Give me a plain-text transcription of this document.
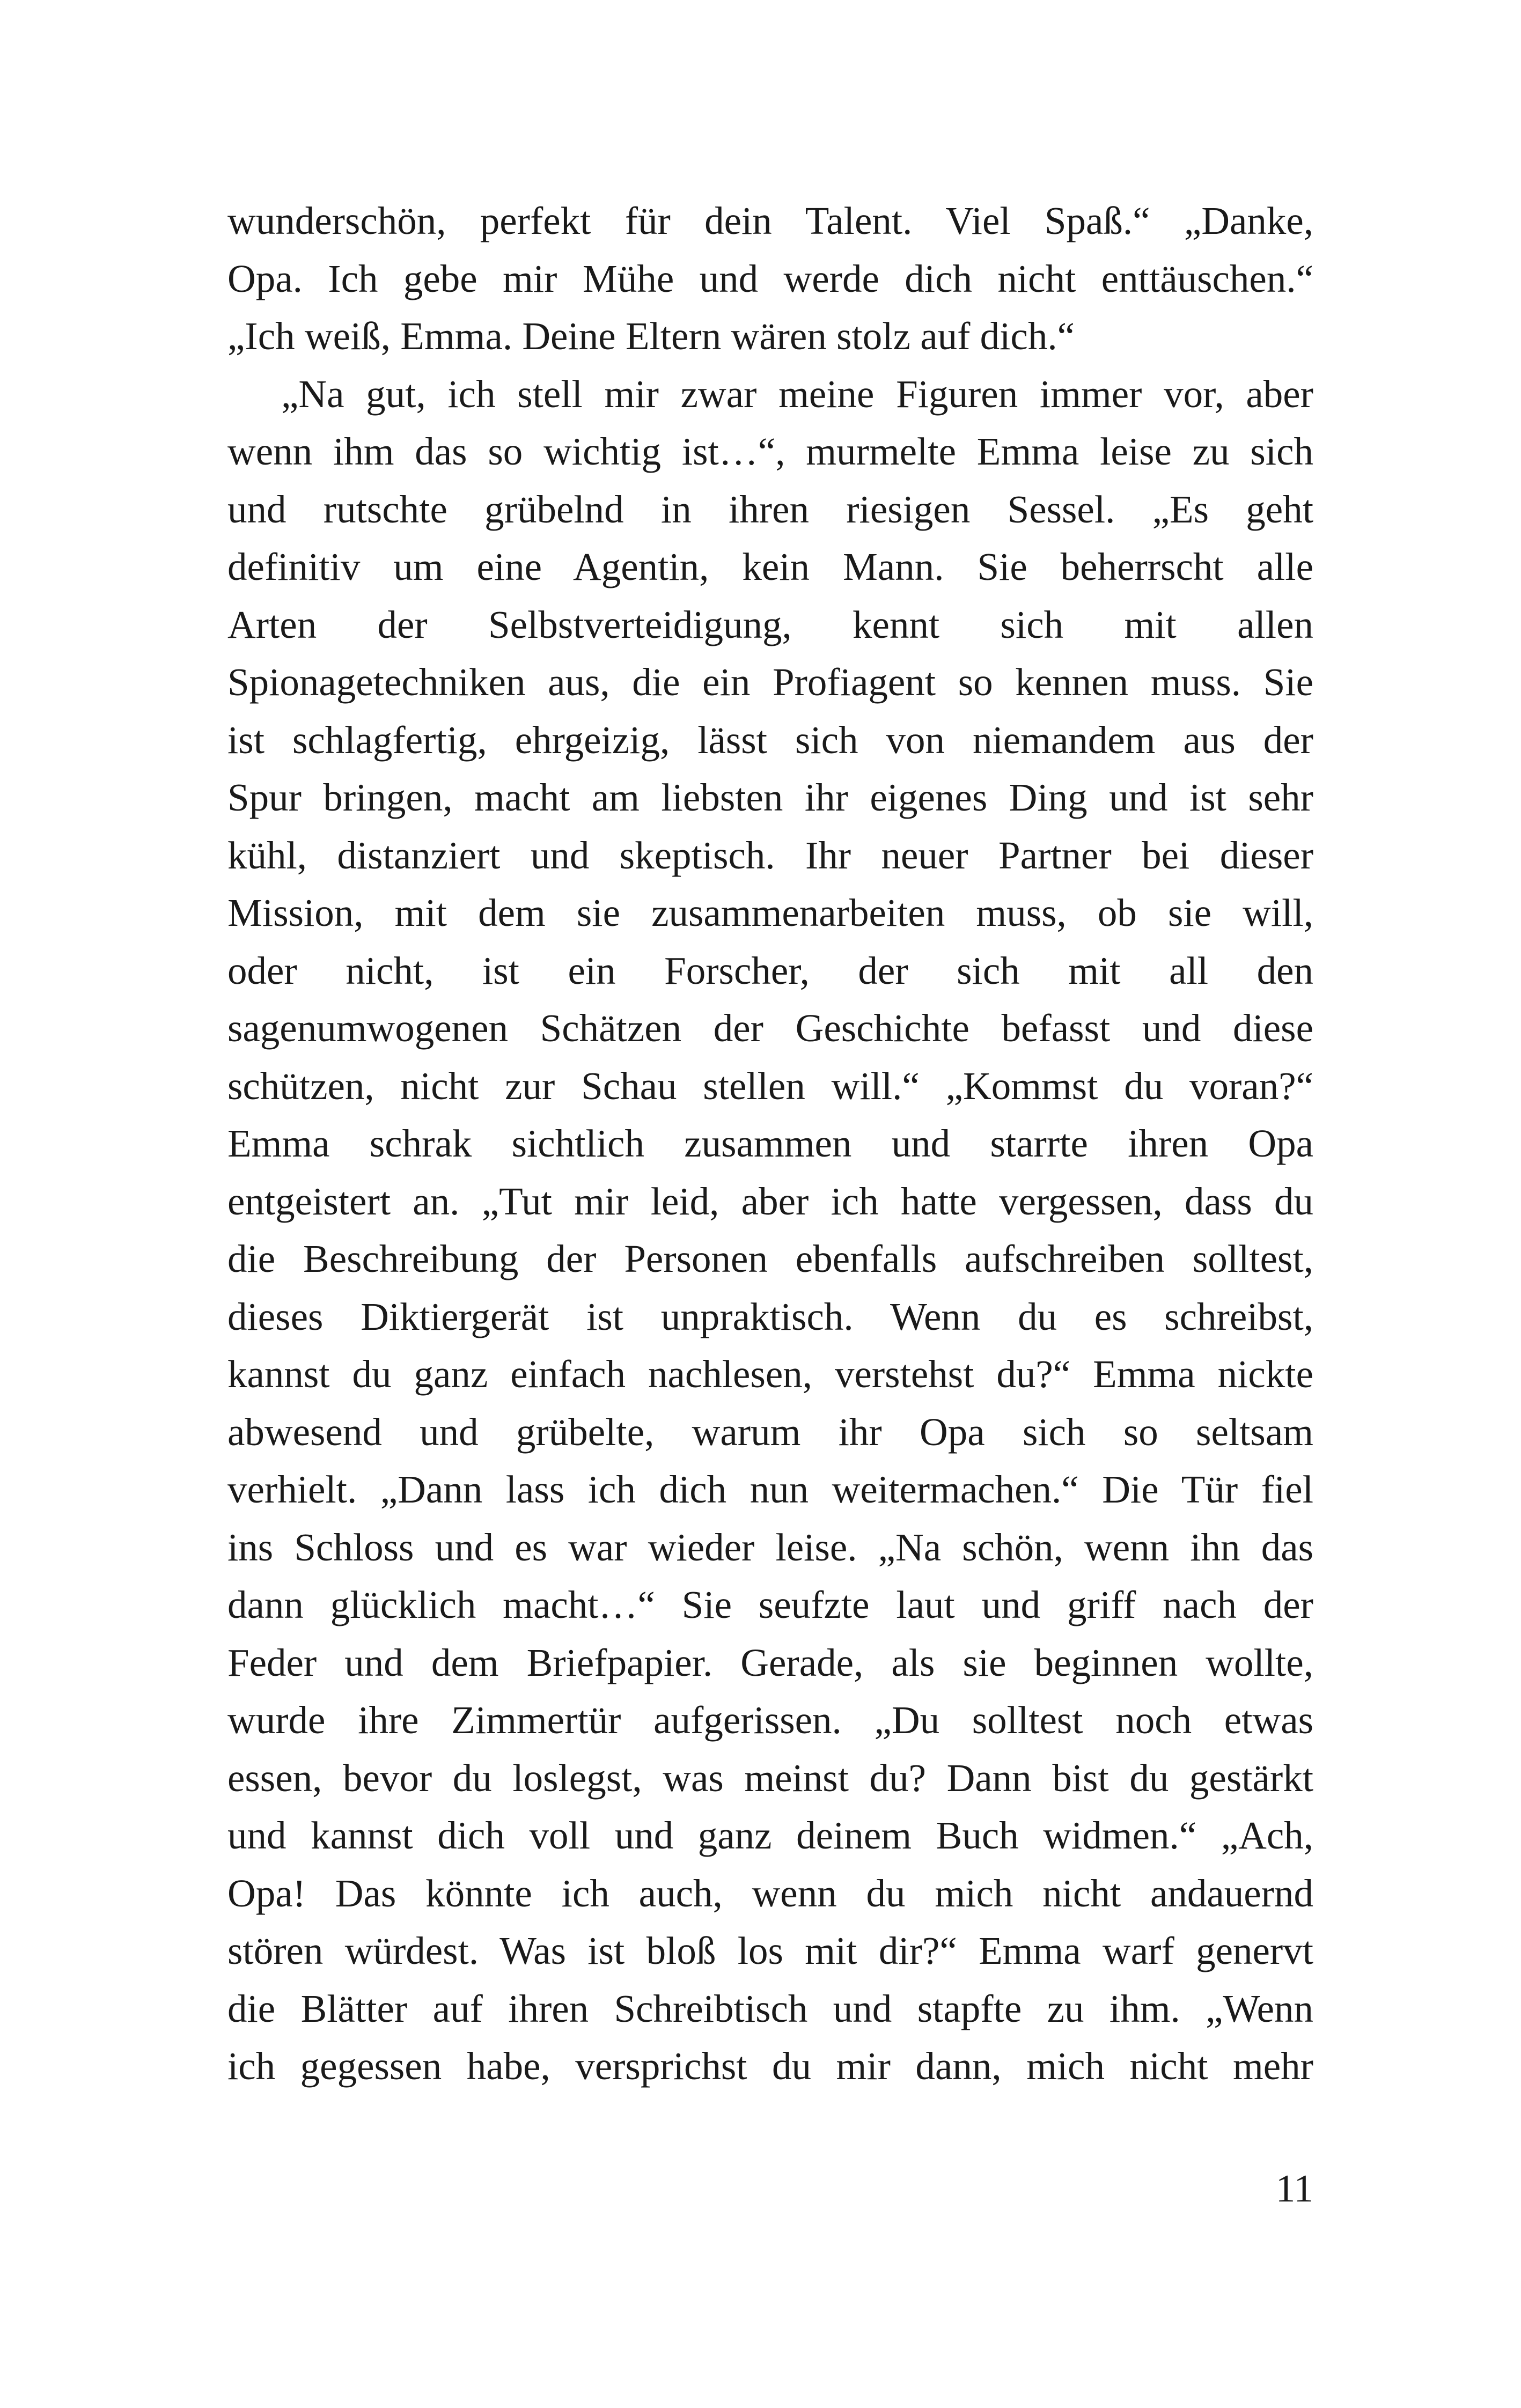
wunderschön, perfekt für dein Talent. Viel Spaß.“ „Danke,
Opa. Ich gebe mir Mühe und werde dich nicht enttäuschen.“
„Ich weiß, Emma. Deine Eltern wären stolz auf dich.“
„Na gut, ich stell mir zwar meine Figuren immer vor, aber
wenn ihm das so wichtig ist…“, murmelte Emma leise zu sich
und rutschte grübelnd in ihren riesigen Sessel. „Es geht
definitiv um eine Agentin, kein Mann. Sie beherrscht alle
Arten der Selbstverteidigung, kennt sich mit allen
Spionagetechniken aus, die ein Profiagent so kennen muss. Sie
ist schlagfertig, ehrgeizig, lässt sich von niemandem aus der
Spur bringen, macht am liebsten ihr eigenes Ding und ist sehr
kühl, distanziert und skeptisch. Ihr neuer Partner bei dieser
Mission, mit dem sie zusammenarbeiten muss, ob sie will,
oder nicht, ist ein Forscher, der sich mit all den
sagenumwogenen Schätzen der Geschichte befasst und diese
schützen, nicht zur Schau stellen will.“ „Kommst du voran?“
Emma schrak sichtlich zusammen und starrte ihren Opa
entgeistert an. „Tut mir leid, aber ich hatte vergessen, dass du
die Beschreibung der Personen ebenfalls aufschreiben solltest,
dieses Diktiergerät ist unpraktisch. Wenn du es schreibst,
kannst du ganz einfach nachlesen, verstehst du?“ Emma nickte
abwesend und grübelte, warum ihr Opa sich so seltsam
verhielt. „Dann lass ich dich nun weitermachen.“ Die Tür fiel
ins Schloss und es war wieder leise. „Na schön, wenn ihn das
dann glücklich macht…“ Sie seufzte laut und griff nach der
Feder und dem Briefpapier. Gerade, als sie beginnen wollte,
wurde ihre Zimmertür aufgerissen. „Du solltest noch etwas
essen, bevor du loslegst, was meinst du? Dann bist du gestärkt
und kannst dich voll und ganz deinem Buch widmen.“ „Ach,
Opa! Das könnte ich auch, wenn du mich nicht andauernd
stören würdest. Was ist bloß los mit dir?“ Emma warf genervt
die Blätter auf ihren Schreibtisch und stapfte zu ihm. „Wenn
ich gegessen habe, versprichst du mir dann, mich nicht mehr
11
